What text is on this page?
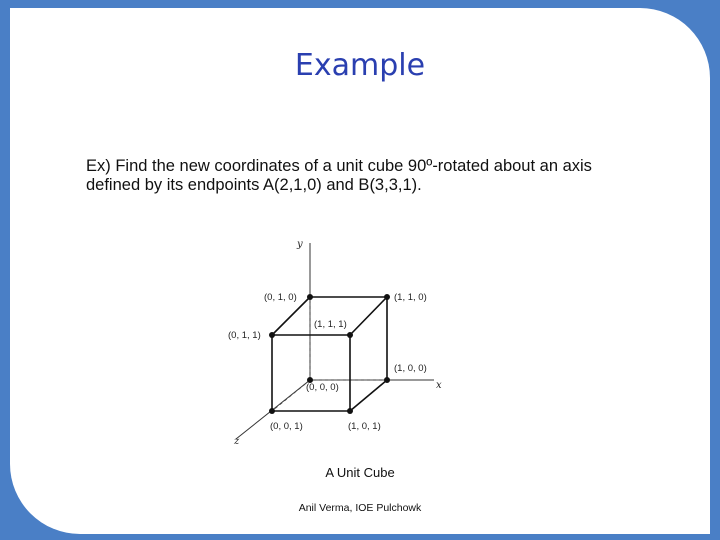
Example
Ex) Find the new coordinates of a unit cube 90º-rotated about an axis
defined by its endpoints A(2,1,0) and B(3,3,1).
y
x
z
(0, 1, 0)	(1, 1, 0)
(1, 1, 1)
(0, 1, 1)
(1, 0, 0)
(0, 0, 0)
(0, 0, 1)	(1, 0, 1)
A Unit Cube
Anil Verma, IOE Pulchowk
